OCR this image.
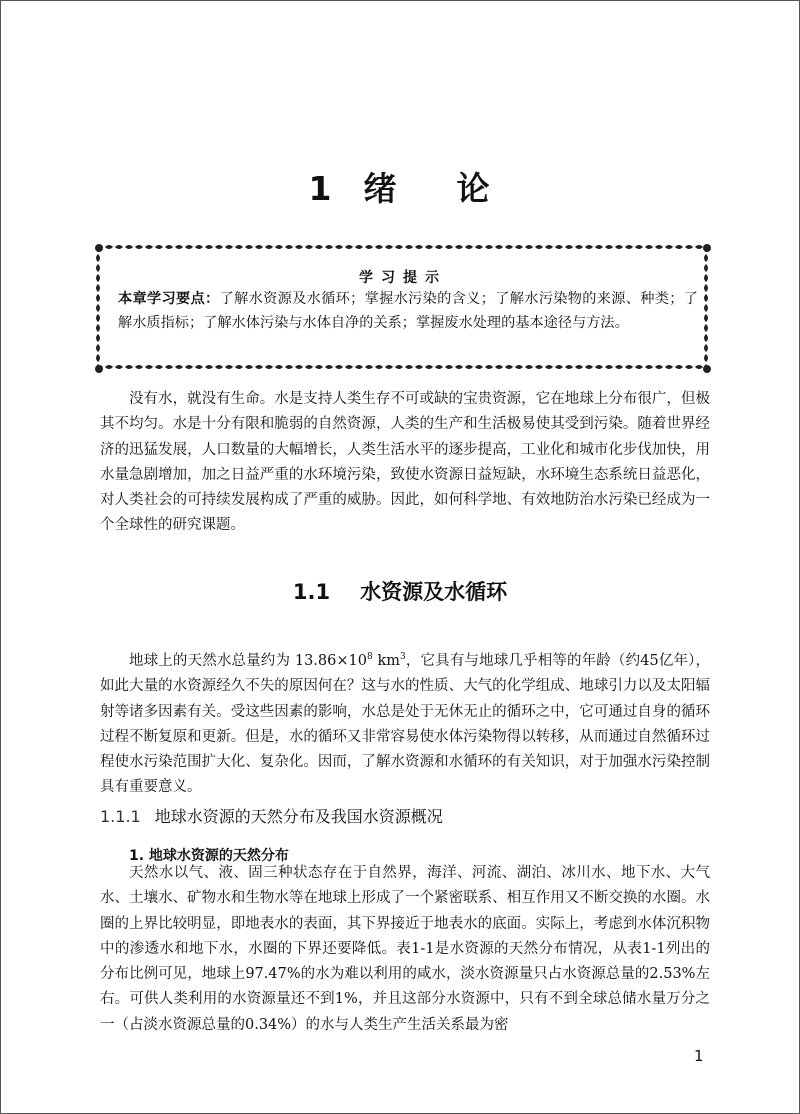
1 绪 论
学习提示
本章学习要点：了解水资源及水循环；掌握水污染的含义；了解水污染物的来源、种类；了解水质指标；了解水体污染与水体自净的关系；掌握废水处理的基本途径与方法。
没有水，就没有生命。水是支持人类生存不可或缺的宝贵资源，它在地球上分布很广，但极其不均匀。水是十分有限和脆弱的自然资源，人类的生产和生活极易使其受到污染。随着世界经济的迅猛发展，人口数量的大幅增长，人类生活水平的逐步提高，工业化和城市化步伐加快，用水量急剧增加，加之日益严重的水环境污染，致使水资源日益短缺，水环境生态系统日益恶化，对人类社会的可持续发展构成了严重的威胁。因此，如何科学地、有效地防治水污染已经成为一个全球性的研究课题。
1.1 水资源及水循环
地球上的天然水总量约为 $13.86\times 10^8$ $km^3$，它具有与地球几乎相等的年龄（约45亿年），如此大量的水资源经久不失的原因何在？这与水的性质、大气的化学组成、地球引力以及太阳辐射等诸多因素有关。受这些因素的影响，水总是处于无休无止的循环之中，它可通过自身的循环过程不断复原和更新。但是，水的循环又非常容易使水体污染物得以转移，从而通过自然循环过程使水污染范围扩大化、复杂化。因而，了解水资源和水循环的有关知识，对于加强水污染控制具有重要意义。
1.1.1 地球水资源的天然分布及我国水资源概况
1. 地球水资源的天然分布
天然水以气、液、固三种状态存在于自然界，海洋、河流、湖泊、冰川水、地下水、大气水、土壤水、矿物水和生物水等在地球上形成了一个紧密联系、相互作用又不断交换的水圈。水圈的上界比较明显，即地表水的表面，其下界接近于地表水的底面。实际上，考虑到水体沉积物中的渗透水和地下水，水圈的下界还要降低。表1-1是水资源的天然分布情况，从表1-1列出的分布比例可见，地球上97.47%的水为难以利用的咸水，淡水资源量只占水资源总量的2.53%左右。可供人类利用的水资源量还不到1%，并且这部分水资源中，只有不到全球总储水量万分之一（占淡水资源总量的0.34%）的水与人类生产生活关系最为密
1
